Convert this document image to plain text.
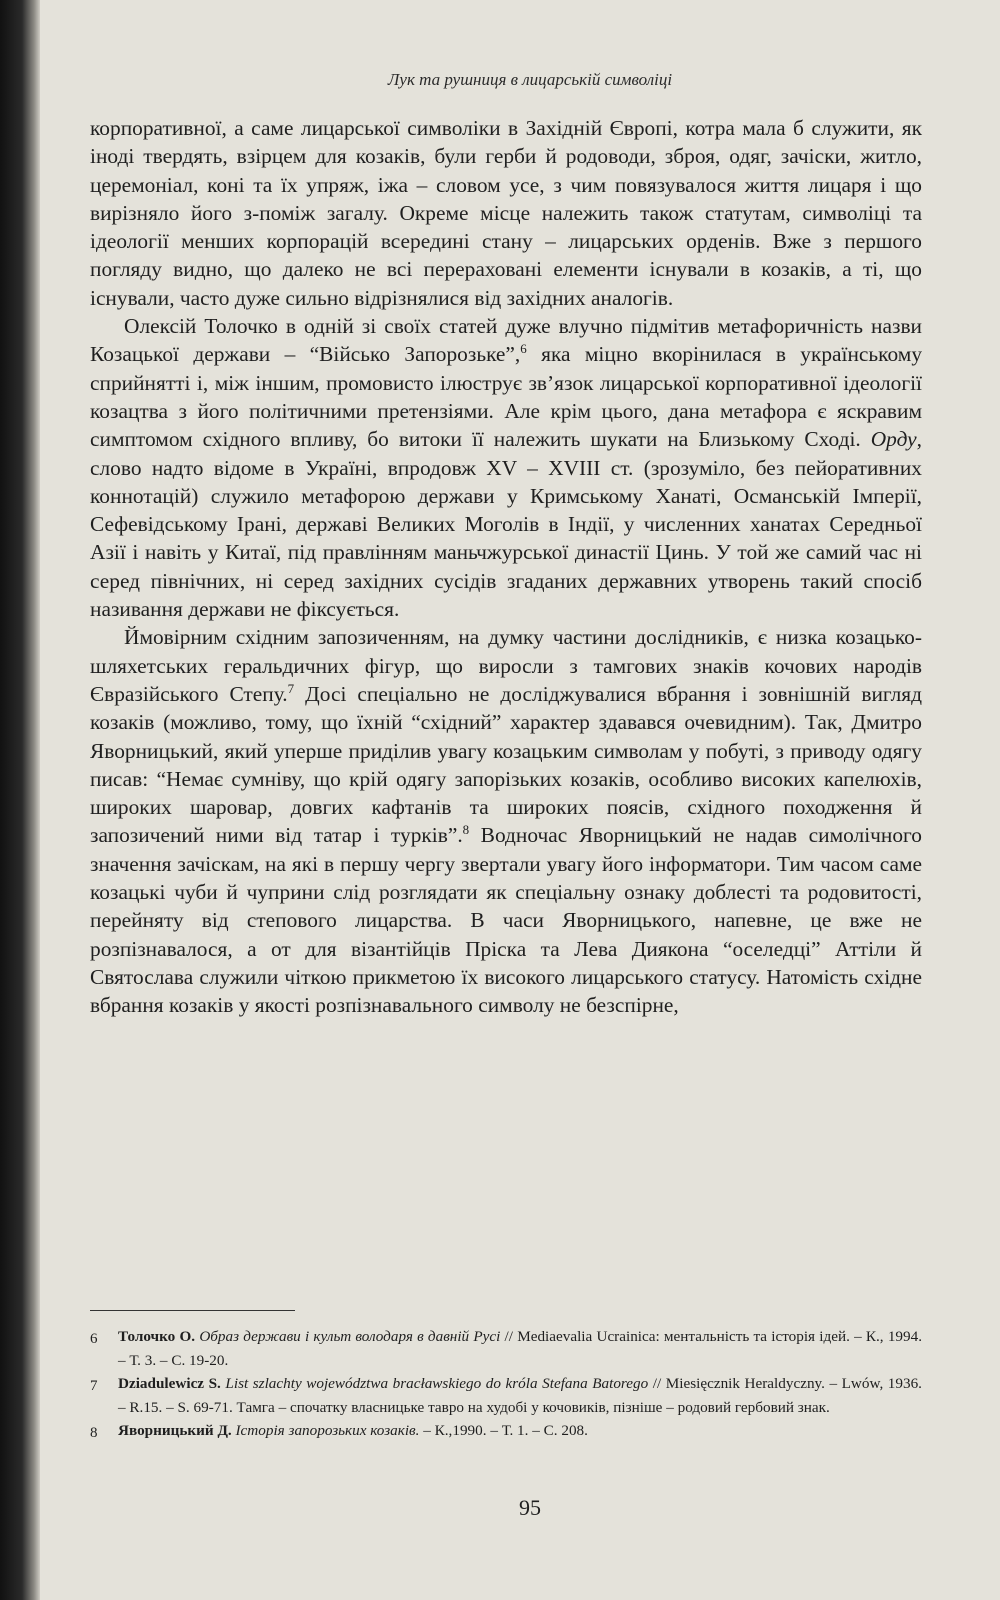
Лук та рушниця в лицарській символіці

корпоративної, а саме лицарської символіки в Західній Європі, котра мала б служити, як іноді твердять, взірцем для козаків, були герби й родоводи, зброя, одяг, зачіски, житло, церемоніал, коні та їх упряж, іжа – словом усе, з чим повязувалося життя лицаря і що вирізняло його з-поміж загалу. Окреме місце належить також статутам, символіці та ідеології менших корпорацій всередині стану – лицарських орденів. Вже з першого погляду видно, що далеко не всі перераховані елементи існували в козаків, а ті, що існували, часто дуже сильно відрізнялися від західних аналогів.

Олексій Толочко в одній зі своїх статей дуже влучно підмітив метафоричність назви Козацької держави – “Військо Запорозьке”,$^6$ яка міцно вкорінилася в українському сприйнятті і, між іншим, промовисто ілюструє зв’язок лицарської корпоративної ідеології козацтва з його політичними претензіями. Але крім цього, дана метафора є яскравим симптомом східного впливу, бо витоки її належить шукати на Близькому Сході. Орду, слово надто відоме в Україні, впродовж XV – XVIII ст. (зрозуміло, без пейоративних коннотацій) служило метафорою держави у Кримському Ханаті, Османській Імперії, Сефевідському Ірані, державі Великих Моголів в Індії, у численних ханатах Середньої Азії і навіть у Китаї, під правлінням маньчжурської династії Цинь. У той же самий час ні серед північних, ні серед західних сусідів згаданих державних утворень такий спосіб називання держави не фіксується.

Ймовірним східним запозиченням, на думку частини дослідників, є низка козацько-шляхетських геральдичних фігур, що виросли з тамгових знаків кочових народів Євразійського Степу.$^7$ Досі спеціально не досліджувалися вбрання і зовнішній вигляд козаків (можливо, тому, що їхній “східний” характер здавався очевидним). Так, Дмитро Яворницький, який уперше приділив увагу козацьким символам у побуті, з приводу одягу писав: “Немає сумніву, що крій одягу запорізьких козаків, особливо високих капелюхів, широких шаровар, довгих кафтанів та широких поясів, східного походження й запозичений ними від татар і турків”.$^8$ Водночас Яворницький не надав симолічного значення зачіскам, на які в першу чергу звертали увагу його інформатори. Тим часом саме козацькі чуби й чуприни слід розглядати як спеціальну ознаку доблесті та родовитості, перейняту від степового лицарства. В часи Яворницького, напевне, це вже не розпізнавалося, а от для візантійців Пріска та Лева Диякона “оселедці” Аттіли й Святослава служили чіткою прикметою їх високого лицарського статусу. Натомість східне вбрання козаків у якості розпізнавального символу не безспірне,

6 Толочко О. Образ держави і культ володаря в давній Русі // Mediaevalia Ucrainica: ментальність та історія ідей. – К., 1994. – Т. 3. – С. 19-20.
7 Dziadulewicz S. List szlachty województwa bracławskiego do króla Stefana Batorego // Miesięcznik Heraldyczny. – Lwów, 1936. – R.15. – S. 69-71. Тамга – спочатку власницьке тавро на худобі у кочовиків, пізніше – родовий гербовий знак.
8 Яворницький Д. Історія запорозьких козаків. – К.,1990. – Т. 1. – С. 208.
95
